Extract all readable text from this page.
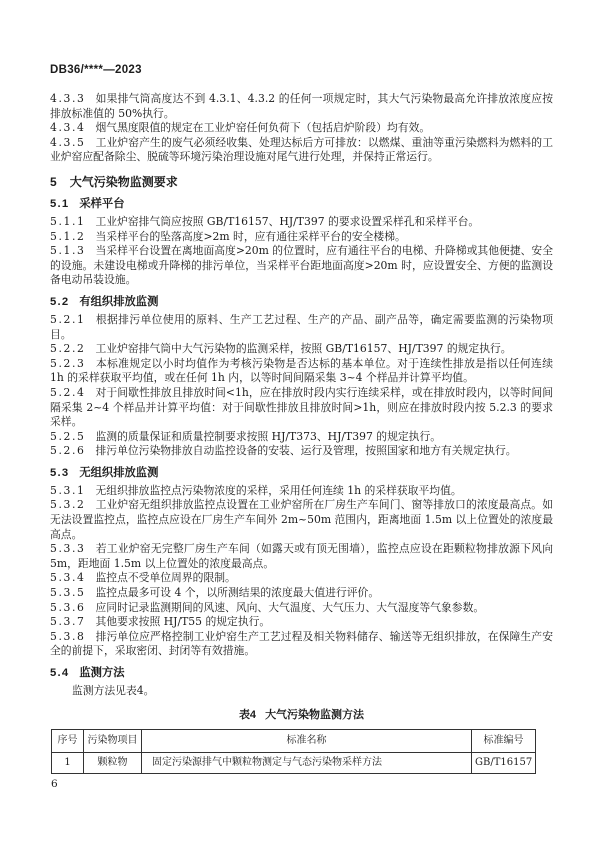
DB36/****—2023

4.3.3 如果排气筒高度达不到 4.3.1、4.3.2 的任何一项规定时，其大气污染物最高允许排放浓度应按排放标准值的 50%执行。

4.3.4 烟气黑度限值的规定在工业炉窑任何负荷下（包括启炉阶段）均有效。

4.3.5 工业炉窑产生的废气必须经收集、处理达标后方可排放：以燃煤、重油等重污染燃料为燃料的工业炉窑应配备除尘、脱硫等环境污染治理设施对尾气进行处理，并保持正常运行。

5 大气污染物监测要求
5.1 采样平台

5.1.1 工业炉窑排气筒应按照 GB/T16157、HJ/T397 的要求设置采样孔和采样平台。

5.1.2 当采样平台的坠落高度>2m 时，应有通往采样平台的安全楼梯。

5.1.3 当采样平台设置在离地面高度>20m 的位置时，应有通往平台的电梯、升降梯或其他便捷、安全的设施。未建设电梯或升降梯的排污单位，当采样平台距地面高度>20m 时，应设置安全、方便的监测设备电动吊装设施。

5.2 有组织排放监测

5.2.1 根据排污单位使用的原料、生产工艺过程、生产的产品、副产品等，确定需要监测的污染物项目。

5.2.2 工业炉窑排气筒中大气污染物的监测采样，按照 GB/T16157、HJ/T397 的规定执行。

5.2.3 本标准规定以小时均值作为考核污染物是否达标的基本单位。对于连续性排放是指以任何连续 1h 的采样获取平均值，或在任何 1h 内，以等时间间隔采集 3~4 个样品并计算平均值。

5.2.4 对于间歇性排放且排放时间<1h，应在排放时段内实行连续采样，或在排放时段内，以等时间间隔采集 2~4 个样品并计算平均值：对于间歇性排放且排放时间>1h，则应在排放时段内按 5.2.3 的要求采样。

5.2.5 监测的质量保证和质量控制要求按照 HJ/T373、HJ/T397 的规定执行。

5.2.6 排污单位污染物排放自动监控设备的安装、运行及管理，按照国家和地方有关规定执行。

5.3 无组织排放监测

5.3.1 无组织排放监控点污染物浓度的采样，采用任何连续 1h 的采样获取平均值。

5.3.2 工业炉窑无组织排放监控点设置在工业炉窑所在厂房生产车间门、窗等排放口的浓度最高点。如无法设置监控点，监控点应设在厂房生产车间外 2m~50m 范围内，距离地面 1.5m 以上位置处的浓度最高点。

5.3.3 若工业炉窑无完整厂房生产车间（如露天或有顶无围墙），监控点应设在距颗粒物排放源下风向 5m，距地面 1.5m 以上位置处的浓度最高点。

5.3.4 监控点不受单位周界的限制。

5.3.5 监控点最多可设 4 个，以所测结果的浓度最大值进行评价。

5.3.6 应同时记录监测期间的风速、风向、大气温度、大气压力、大气湿度等气象参数。

5.3.7 其他要求按照 HJ/T55 的规定执行。

5.3.8 排污单位应严格控制工业炉窑生产工艺过程及相关物料储存、输送等无组织排放，在保障生产安全的前提下，采取密闭、封闭等有效措施。

5.4 监测方法

监测方法见表4。

表4 大气污染物监测方法
序号	污染物项目	标准名称	标准编号
1	颗粒物	固定污染源排气中颗粒物测定与气态污染物采样方法	GB/T16157
6
